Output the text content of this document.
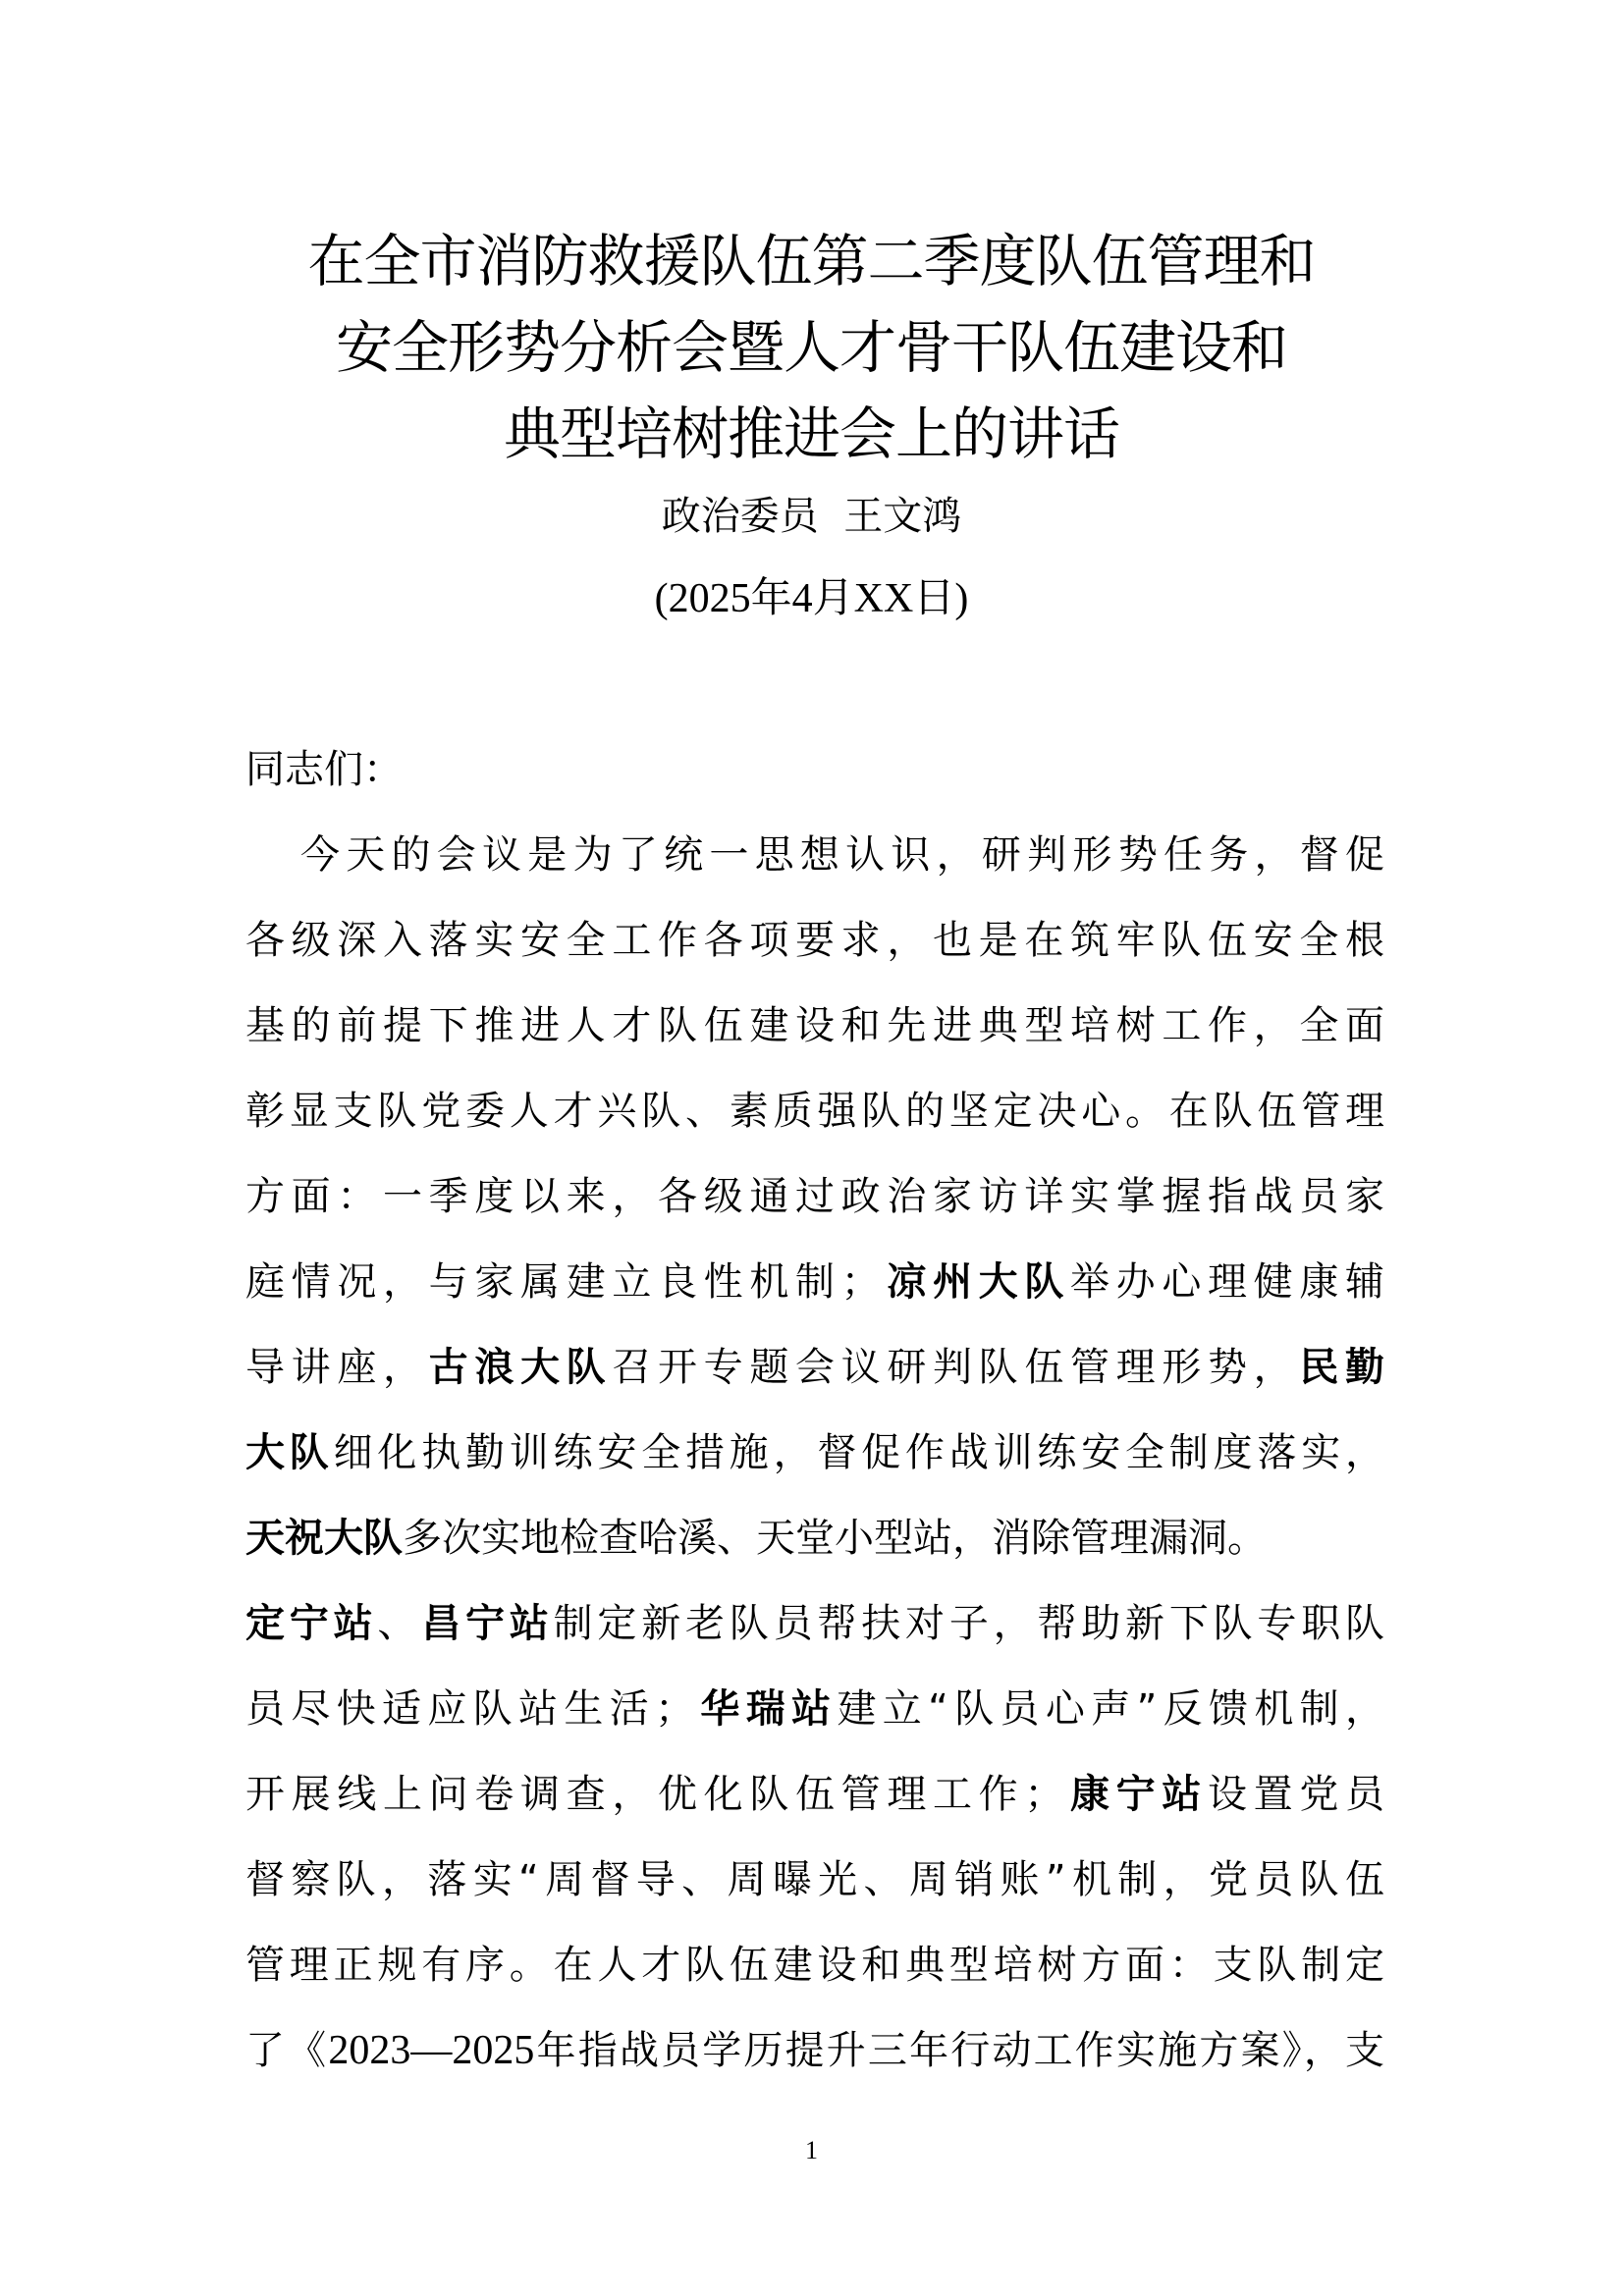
在全市消防救援队伍第二季度队伍管理和
安全形势分析会暨人才骨干队伍建设和
典型培树推进会上的讲话
政治委员  王文鸿
(2025年4月XX日)
同志们：
今天的会议是为了统一思想认识，研判形势任务，督促
各级深入落实安全工作各项要求，也是在筑牢队伍安全根
基的前提下推进人才队伍建设和先进典型培树工作，全面
彰显支队党委人才兴队、素质强队的坚定决心。在队伍管理
方面：一季度以来，各级通过政治家访详实掌握指战员家
庭情况，与家属建立良性机制；凉州大队举办心理健康辅
导讲座，古浪大队召开专题会议研判队伍管理形势，民勤
大队细化执勤训练安全措施，督促作战训练安全制度落实，
天祝大队多次实地检查哈溪、天堂小型站，消除管理漏洞。
定宁站、昌宁站制定新老队员帮扶对子，帮助新下队专职队
员尽快适应队站生活；华瑞站建立“队员心声”反馈机制，
开展线上问卷调查，优化队伍管理工作；康宁站设置党员
督察队，落实“周督导、周曝光、周销账”机制，党员队伍
管理正规有序。在人才队伍建设和典型培树方面：支队制定
了《2023—2025年指战员学历提升三年行动工作实施方案》，支
1
